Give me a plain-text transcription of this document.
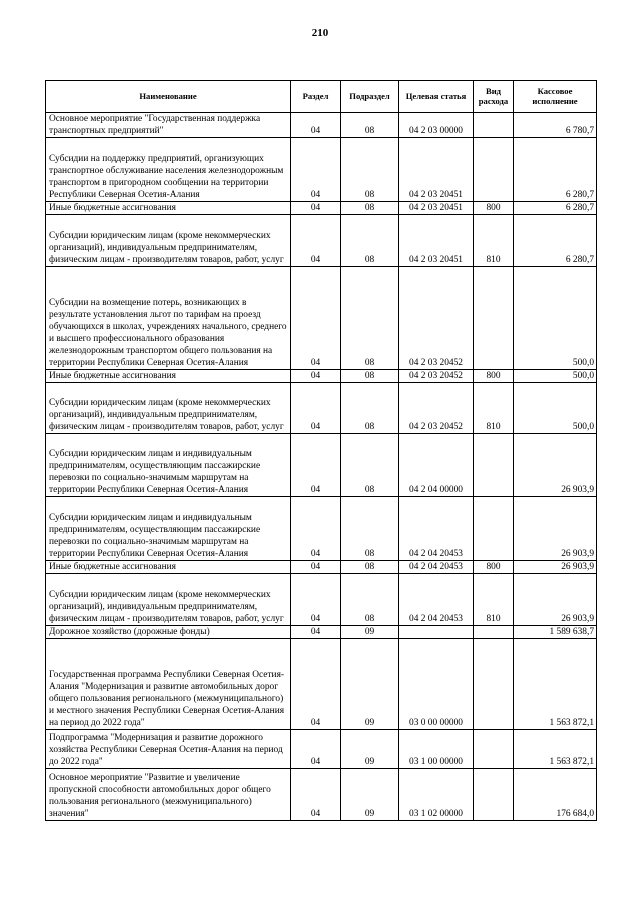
210
Наименование	Раздел	Подраздел	Целевая статья	Вид расхода	Кассовое исполнение
Основное мероприятие "Государственная поддержка транспортных предприятий"	04	08	04 2 03 00000		6 780,7
Субсидии на поддержку предприятий, организующих транспортное обслуживание населения железнодорожным транспортом в пригородном сообщении на территории Республики Северная Осетия-Алания	04	08	04 2 03 20451		6 280,7
Иные бюджетные ассигнования	04	08	04 2 03 20451	800	6 280,7
Субсидии юридическим лицам (кроме некоммерческих организаций), индивидуальным предпринимателям, физическим лицам - производителям товаров, работ, услуг	04	08	04 2 03 20451	810	6 280,7
Субсидии на возмещение потерь, возникающих в результате установления льгот по тарифам на проезд обучающихся в школах, учреждениях начального, среднего и высшего профессионального образования железнодорожным транспортом общего пользования на территории Республики Северная Осетия-Алания	04	08	04 2 03 20452		500,0
Иные бюджетные ассигнования	04	08	04 2 03 20452	800	500,0
Субсидии юридическим лицам (кроме некоммерческих организаций), индивидуальным предпринимателям, физическим лицам - производителям товаров, работ, услуг	04	08	04 2 03 20452	810	500,0
Субсидии юридическим лицам и индивидуальным предпринимателям, осуществляющим пассажирские перевозки по социально-значимым маршрутам на территории Республики Северная Осетия-Алания	04	08	04 2 04 00000		26 903,9
Субсидии юридическим лицам и индивидуальным предпринимателям, осуществляющим пассажирские перевозки по социально-значимым маршрутам на территории Республики Северная Осетия-Алания	04	08	04 2 04 20453		26 903,9
Иные бюджетные ассигнования	04	08	04 2 04 20453	800	26 903,9
Субсидии юридическим лицам (кроме некоммерческих организаций), индивидуальным предпринимателям, физическим лицам - производителям товаров, работ, услуг	04	08	04 2 04 20453	810	26 903,9
Дорожное хозяйство (дорожные фонды)	04	09			1 589 638,7
Государственная программа Республики Северная Осетия-Алания "Модернизация и развитие автомобильных дорог общего пользования регионального (межмуниципального) и местного значения Республики Северная Осетия-Алания на период до 2022 года"	04	09	03 0 00 00000		1 563 872,1
Подпрограмма "Модернизация и развитие дорожного хозяйства Республики Северная Осетия-Алания на период до 2022 года"	04	09	03 1 00 00000		1 563 872,1
Основное мероприятие "Развитие и увеличение пропускной способности автомобильных дорог общего пользования регионального (межмуниципального) значения"	04	09	03 1 02 00000		176 684,0
